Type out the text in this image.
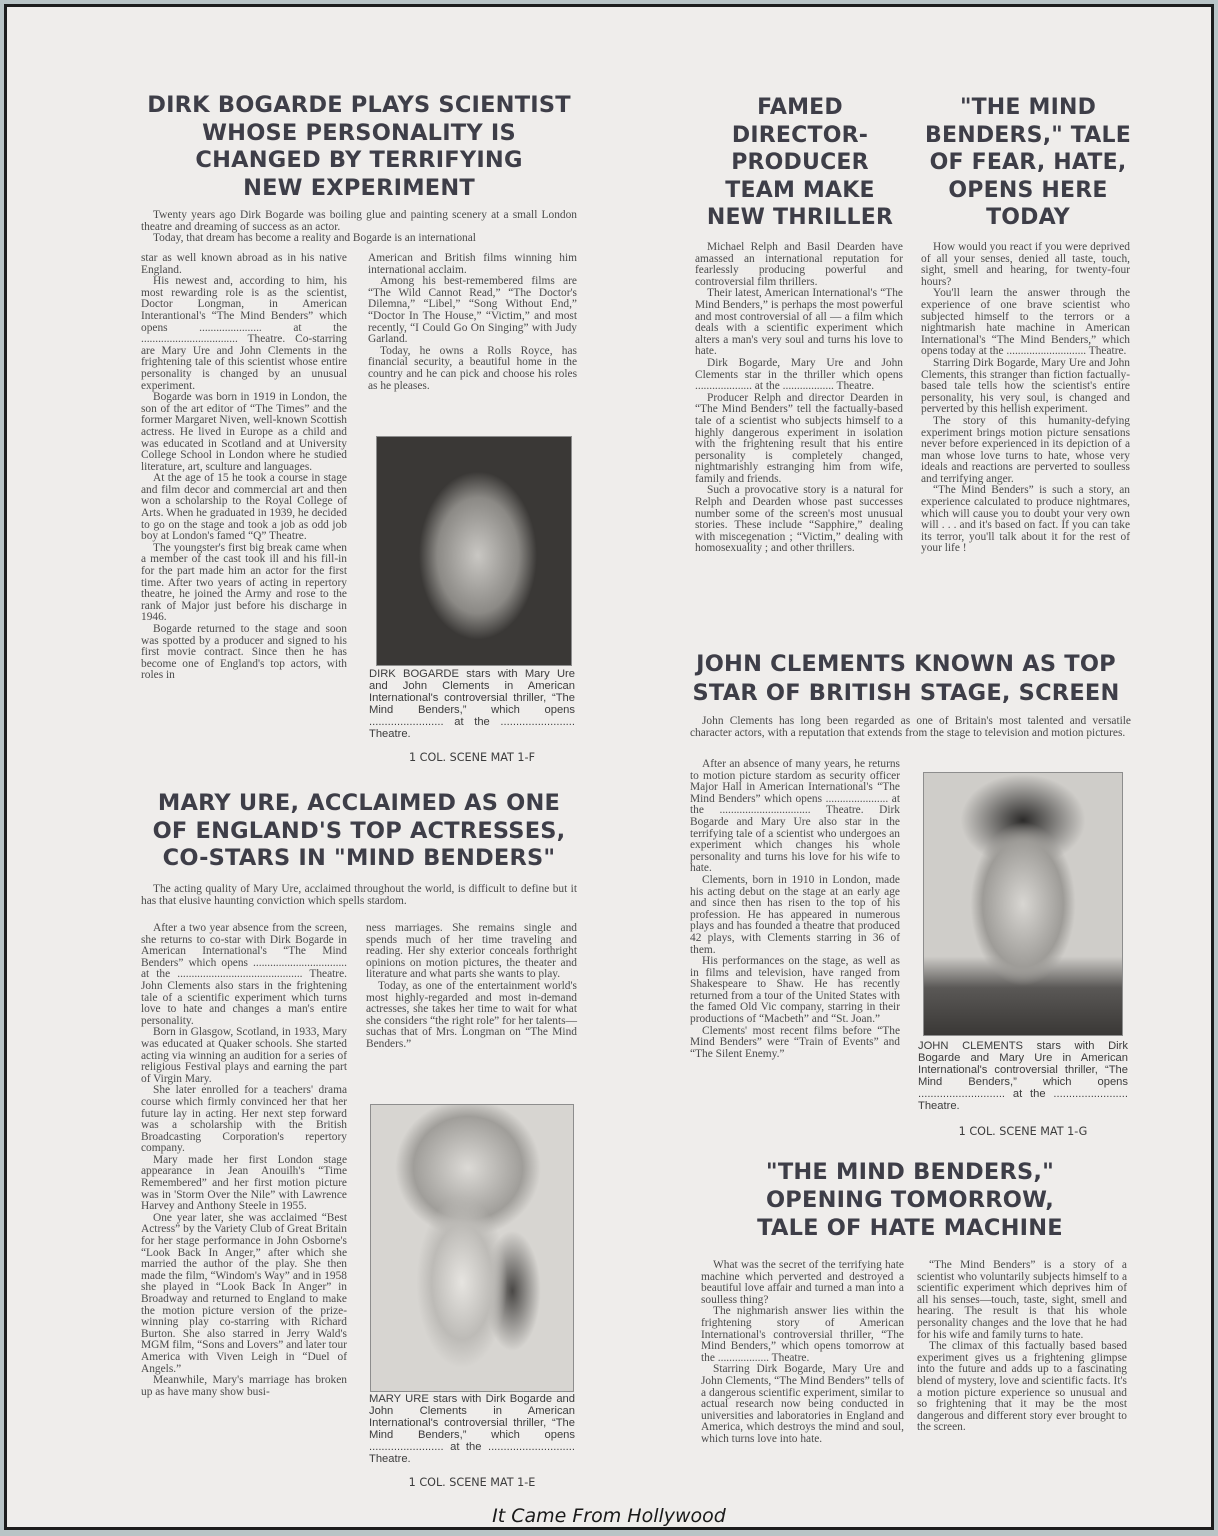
DIRK BOGARDE PLAYS SCIENTIST
WHOSE PERSONALITY IS
CHANGED BY TERRIFYING
NEW EXPERIMENT

Twenty years ago Dirk Bogarde was boiling glue and painting scenery at a small London theatre and dreaming of success as an actor.

Today, that dream has become a reality and Bogarde is an international

star as well known abroad as in his native England.

His newest and, according to him, his most rewarding role is as the scientist, Doctor Longman, in American Interantional's “The Mind Benders” which opens ...................... at the .................................. Theatre. Co-starring are Mary Ure and John Clements in the frightening tale of this scientist whose entire personality is changed by an unusual experiment.

Bogarde was born in 1919 in London, the son of the art editor of “The Times” and the former Margaret Niven, well-known Scottish actress. He lived in Europe as a child and was educated in Scotland and at University College School in London where he studied literature, art, sculture and languages.

At the age of 15 he took a course in stage and film decor and commercial art and then won a scholarship to the Royal College of Arts. When he graduated in 1939, he decided to go on the stage and took a job as odd job boy at London's famed “Q” Theatre.

The youngster's first big break came when a member of the cast took ill and his fill-in for the part made him an actor for the first time. After two years of acting in repertory theatre, he joined the Army and rose to the rank of Major just before his discharge in 1946.

Bogarde returned to the stage and soon was spotted by a producer and signed to his first movie contract. Since then he has become one of England's top actors, with roles in

American and British films winning him international acclaim.

Among his best-remembered films are “The Wild Cannot Read,” “The Doctor's Dilemna,” “Libel,” “Song Without End,” “Doctor In The House,” “Victim,” and most recently, “I Could Go On Singing” with Judy Garland.

Today, he owns a Rolls Royce, has financial security, a beautiful home in the country and he can pick and choose his roles as he pleases.

DIRK BOGARDE stars with Mary Ure and John Clements in American International's controversial thriller, “The Mind Benders,” which opens ........................ at the ........................ Theatre.
1 COL. SCENE MAT 1-F
MARY URE, ACCLAIMED AS ONE
OF ENGLAND'S TOP ACTRESSES,
CO-STARS IN "MIND BENDERS"

The acting quality of Mary Ure, acclaimed throughout the world, is difficult to define but it has that elusive haunting conviction which spells stardom.

After a two year absence from the screen, she returns to co-star with Dirk Bogarde in American International's “The Mind Benders” which opens ................................. at the ............................................ Theatre. John Clements also stars in the frightening tale of a scientific experiment which turns love to hate and changes a man's entire personality.

Born in Glasgow, Scotland, in 1933, Mary was educated at Quaker schools. She started acting via winning an audition for a series of religious Festival plays and earning the part of Virgin Mary.

She later enrolled for a teachers' drama course which firmly convinced her that her future lay in acting. Her next step forward was a scholarship with the British Broadcasting Corporation's repertory company.

Mary made her first London stage appearance in Jean Anouilh's “Time Remembered” and her first motion picture was in 'Storm Over the Nile” with Lawrence Harvey and Anthony Steele in 1955.

One year later, she was acclaimed “Best Actress” by the Variety Club of Great Britain for her stage performance in John Osborne's “Look Back In Anger,” after which she married the author of the play. She then made the film, “Windom's Way” and in 1958 she played in “Look Back In Anger” in Broadway and returned to England to make the motion picture version of the prize-winning play co-starring with Richard Burton. She also starred in Jerry Wald's MGM film, “Sons and Lovers” and later tour America with Viven Leigh in “Duel of Angels.”

Meanwhile, Mary's marriage has broken up as have many show busi-

ness marriages. She remains single and spends much of her time traveling and reading. Her shy exterior conceals forthright opinions on motion pictures, the theater and literature and what parts she wants to play.

Today, as one of the entertainment world's most highly-regarded and most in-demand actresses, she takes her time to wait for what she considers “the right role” for her talents— suchas that of Mrs. Longman on “The Mind Benders.”

MARY URE stars with Dirk Bogarde and John Clements in American International's controversial thriller, “The Mind Benders,” which opens ........................ at the ............................ Theatre.
1 COL. SCENE MAT 1-E
FAMED
DIRECTOR-
PRODUCER
TEAM MAKE
NEW THRILLER

Michael Relph and Basil Dearden have amassed an international reputation for fearlessly producing powerful and controversial film thrillers.

Their latest, American International's “The Mind Benders,” is perhaps the most powerful and most controversial of all — a film which deals with a scientific experiment which alters a man's very soul and turns his love to hate.

Dirk Bogarde, Mary Ure and John Clements star in the thriller which opens .................... at the .................. Theatre.

Producer Relph and director Dearden in “The Mind Benders” tell the factually-based tale of a scientist who subjects himself to a highly dangerous experiment in isolation with the frightening result that his entire personality is completely changed, nightmarishly estranging him from wife, family and friends.

Such a provocative story is a natural for Relph and Dearden whose past successes number some of the screen's most unusual stories. These include “Sapphire,” dealing with miscegenation ; “Victim,” dealing with homosexuality ; and other thrillers.

"THE MIND
BENDERS," TALE
OF FEAR, HATE,
OPENS HERE
TODAY

How would you react if you were deprived of all your senses, denied all taste, touch, sight, smell and hearing, for twenty-four hours?

You'll learn the answer through the experience of one brave scientist who subjected himself to the terrors or a nightmarish hate machine in American International's “The Mind Benders,” which opens today at the ............................ Theatre.

Starring Dirk Bogarde, Mary Ure and John Clements, this stranger than fiction factually-based tale tells how the scientist's entire personality, his very soul, is changed and perverted by this hellish experiment.

The story of this humanity-defying experiment brings motion picture sensations never before experienced in its depiction of a man whose love turns to hate, whose very ideals and reactions are perverted to soulless and terrifying anger.

“The Mind Benders” is such a story, an experience calculated to produce nightmares, which will cause you to doubt your very own will . . . and it's based on fact. If you can take its terror, you'll talk about it for the rest of your life !

JOHN CLEMENTS KNOWN AS TOP
STAR OF BRITISH STAGE, SCREEN

John Clements has long been regarded as one of Britain's most talented and versatile character actors, with a reputation that extends from the stage to television and motion pictures.

After an absence of many years, he returns to motion picture stardom as security officer Major Hall in American International's “The Mind Benders” which opens ...................... at the ................................ Theatre. Dirk Bogarde and Mary Ure also star in the terrifying tale of a scientist who undergoes an experiment which changes his whole personality and turns his love for his wife to hate.

Clements, born in 1910 in London, made his acting debut on the stage at an early age and since then has risen to the top of his profession. He has appeared in numerous plays and has founded a theatre that produced 42 plays, with Clements starring in 36 of them.

His performances on the stage, as well as in films and television, have ranged from Shakespeare to Shaw. He has recently returned from a tour of the United States with the famed Old Vic company, starring in their productions of “Macbeth” and “St. Joan.”

Clements' most recent films before “The Mind Benders” were “Train of Events” and “The Silent Enemy.”

JOHN CLEMENTS stars with Dirk Bogarde and Mary Ure in American International's controversial thriller, “The Mind Benders,” which opens ............................ at the ........................ Theatre.
1 COL. SCENE MAT 1-G
"THE MIND BENDERS,"
OPENING TOMORROW,
TALE OF HATE MACHINE

What was the secret of the terrifying hate machine which perverted and destroyed a beautiful love affair and turned a man into a soulless thing?

The nighmarish answer lies within the frightening story of American International's controversial thriller, “The Mind Benders,” which opens tomorrow at the .................. Theatre.

Starring Dirk Bogarde, Mary Ure and John Clements, “The Mind Benders” tells of a dangerous scientific experiment, similar to actual research now being conducted in universities and laboratories in England and America, which destroys the mind and soul, which turns love into hate.

“The Mind Benders” is a story of a scientist who voluntarily subjects himself to a scientific experiment which deprives him of all his senses—touch, taste, sight, smell and hearing. The result is that his whole personality changes and the love that he had for his wife and family turns to hate.

The climax of this factually based based experiment gives us a frightening glimpse into the future and adds up to a fascinating blend of mystery, love and scientific facts. It's a motion picture experience so unusual and so frightening that it may be the most dangerous and different story ever brought to the screen.

It Came From Hollywood
